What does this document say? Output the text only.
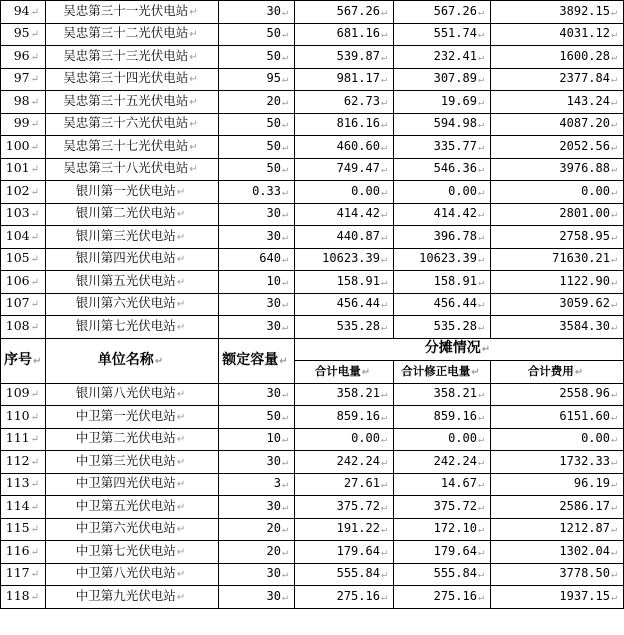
94↵	吴忠第三十一光伏电站↵	30↵	567.26↵	567.26↵	3892.15↵
95↵	吴忠第三十二光伏电站↵	50↵	681.16↵	551.74↵	4031.12↵
96↵	吴忠第三十三光伏电站↵	50↵	539.87↵	232.41↵	1600.28↵
97↵	吴忠第三十四光伏电站↵	95↵	981.17↵	307.89↵	2377.84↵
98↵	吴忠第三十五光伏电站↵	20↵	62.73↵	19.69↵	143.24↵
99↵	吴忠第三十六光伏电站↵	50↵	816.16↵	594.98↵	4087.20↵
100↵	吴忠第三十七光伏电站↵	50↵	460.60↵	335.77↵	2052.56↵
101↵	吴忠第三十八光伏电站↵	50↵	749.47↵	546.36↵	3976.88↵
102↵	银川第一光伏电站↵	0.33↵	0.00↵	0.00↵	0.00↵
103↵	银川第二光伏电站↵	30↵	414.42↵	414.42↵	2801.00↵
104↵	银川第三光伏电站↵	30↵	440.87↵	396.78↵	2758.95↵
105↵	银川第四光伏电站↵	640↵	10623.39↵	10623.39↵	71630.21↵
106↵	银川第五光伏电站↵	10↵	158.91↵	158.91↵	1122.90↵
107↵	银川第六光伏电站↵	30↵	456.44↵	456.44↵	3059.62↵
108↵	银川第七光伏电站↵	30↵	535.28↵	535.28↵	3584.30↵
序号↵	单位名称↵	额定容量↵	分摊情况↵		
			合计电量↵	合计修正电量↵	合计费用↵
109↵	银川第八光伏电站↵	30↵	358.21↵	358.21↵	2558.96↵
110↵	中卫第一光伏电站↵	50↵	859.16↵	859.16↵	6151.60↵
111↵	中卫第二光伏电站↵	10↵	0.00↵	0.00↵	0.00↵
112↵	中卫第三光伏电站↵	30↵	242.24↵	242.24↵	1732.33↵
113↵	中卫第四光伏电站↵	3↵	27.61↵	14.67↵	96.19↵
114↵	中卫第五光伏电站↵	30↵	375.72↵	375.72↵	2586.17↵
115↵	中卫第六光伏电站↵	20↵	191.22↵	172.10↵	1212.87↵
116↵	中卫第七光伏电站↵	20↵	179.64↵	179.64↵	1302.04↵
117↵	中卫第八光伏电站↵	30↵	555.84↵	555.84↵	3778.50↵
118↵	中卫第九光伏电站↵	30↵	275.16↵	275.16↵	1937.15↵
